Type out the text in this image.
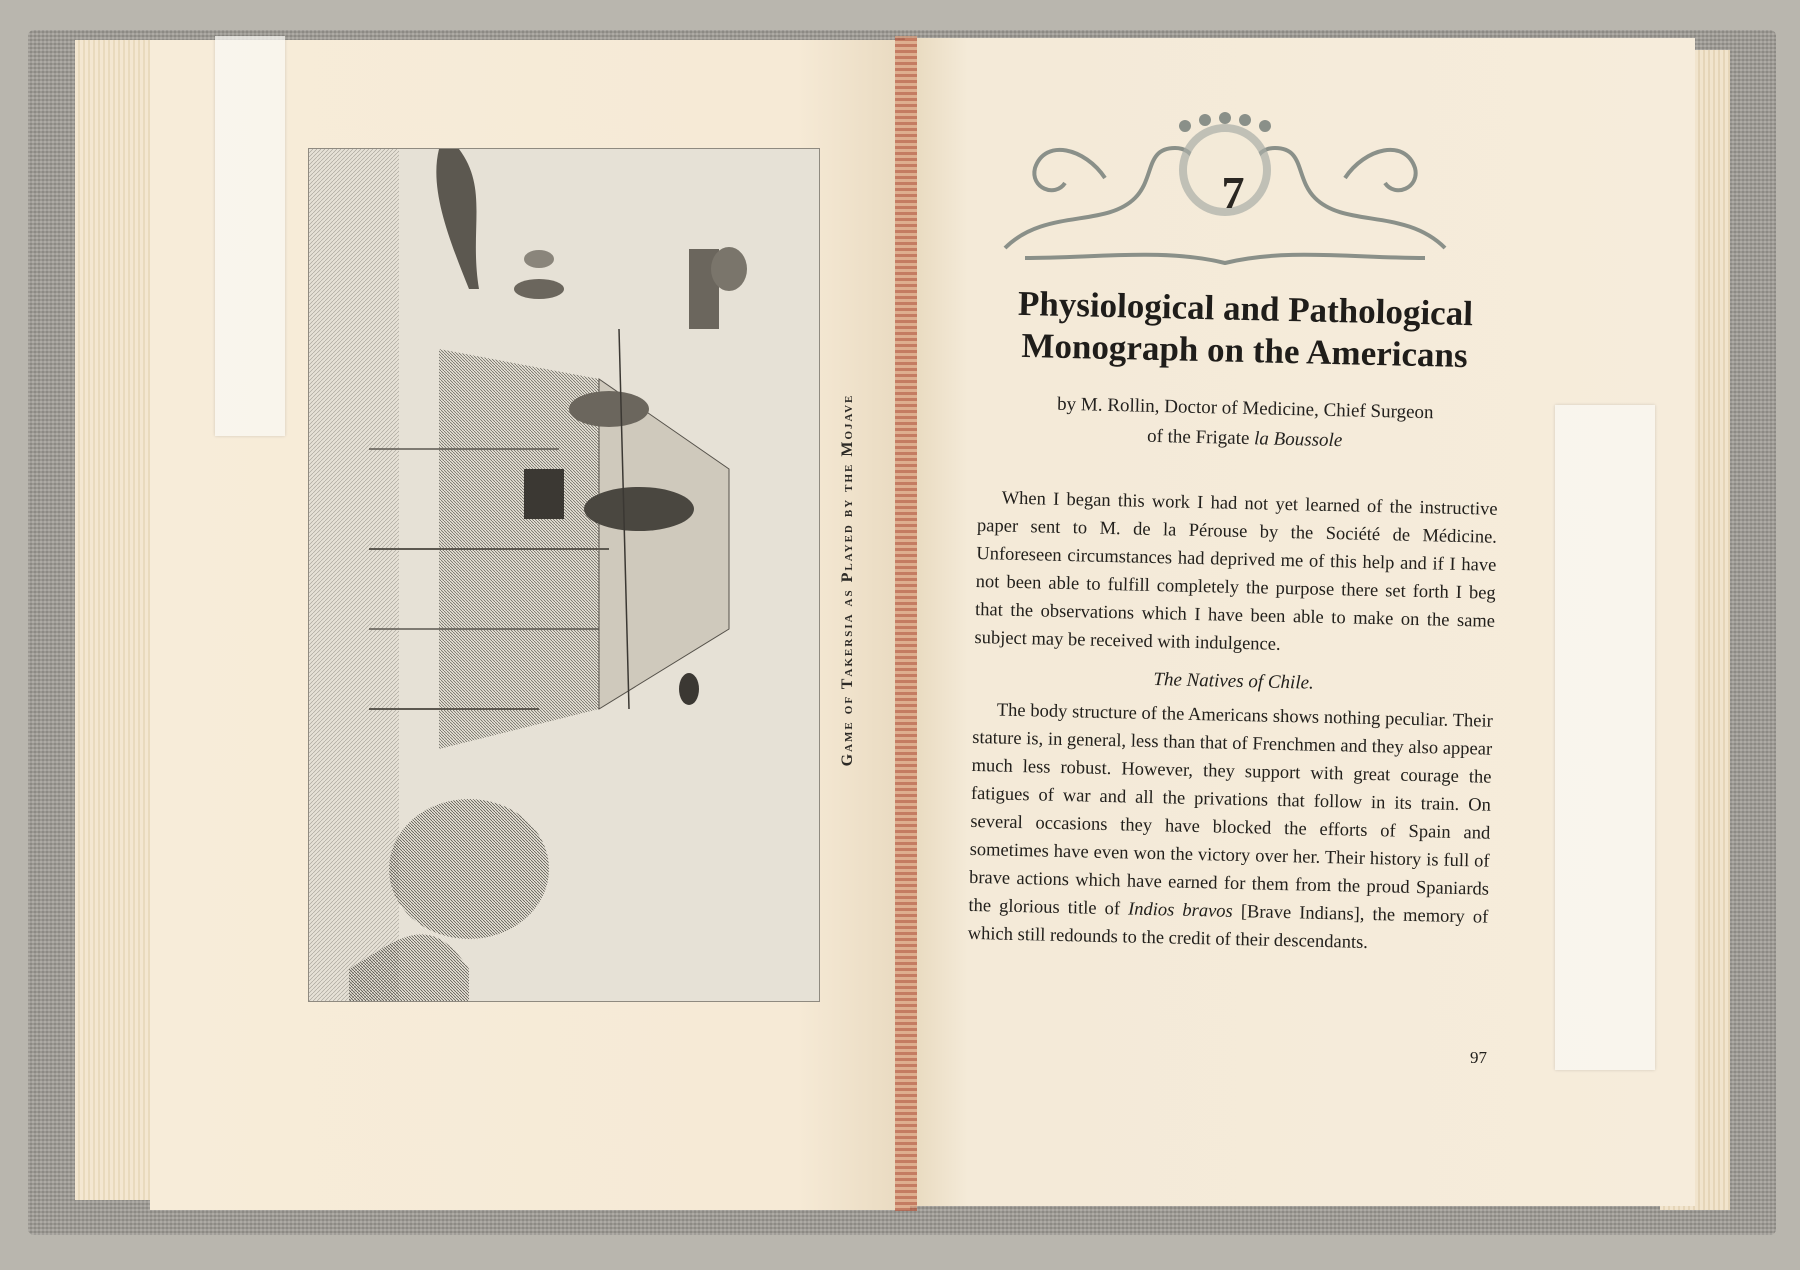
Game of Takersia as Played by the Mojave
7
Physiological and Pathological
Monograph on the Americans

by M. Rollin, Doctor of Medicine, Chief Surgeon
of the Frigate la Boussole

When I began this work I had not yet learned of the instructive paper sent to M. de la Pérouse by the Société de Médicine. Unforeseen circumstances had deprived me of this help and if I have not been able to fulfill completely the purpose there set forth I beg that the observations which I have been able to make on the same subject may be received with indulgence.

The Natives of Chile.

The body structure of the Americans shows nothing peculiar. Their stature is, in general, less than that of Frenchmen and they also appear much less robust. However, they support with great courage the fatigues of war and all the privations that follow in its train. On several occasions they have blocked the efforts of Spain and sometimes have even won the victory over her. Their history is full of brave actions which have earned for them from the proud Spaniards the glorious title of Indios bravos [Brave Indians], the memory of which still redounds to the credit of their descendants.

97
